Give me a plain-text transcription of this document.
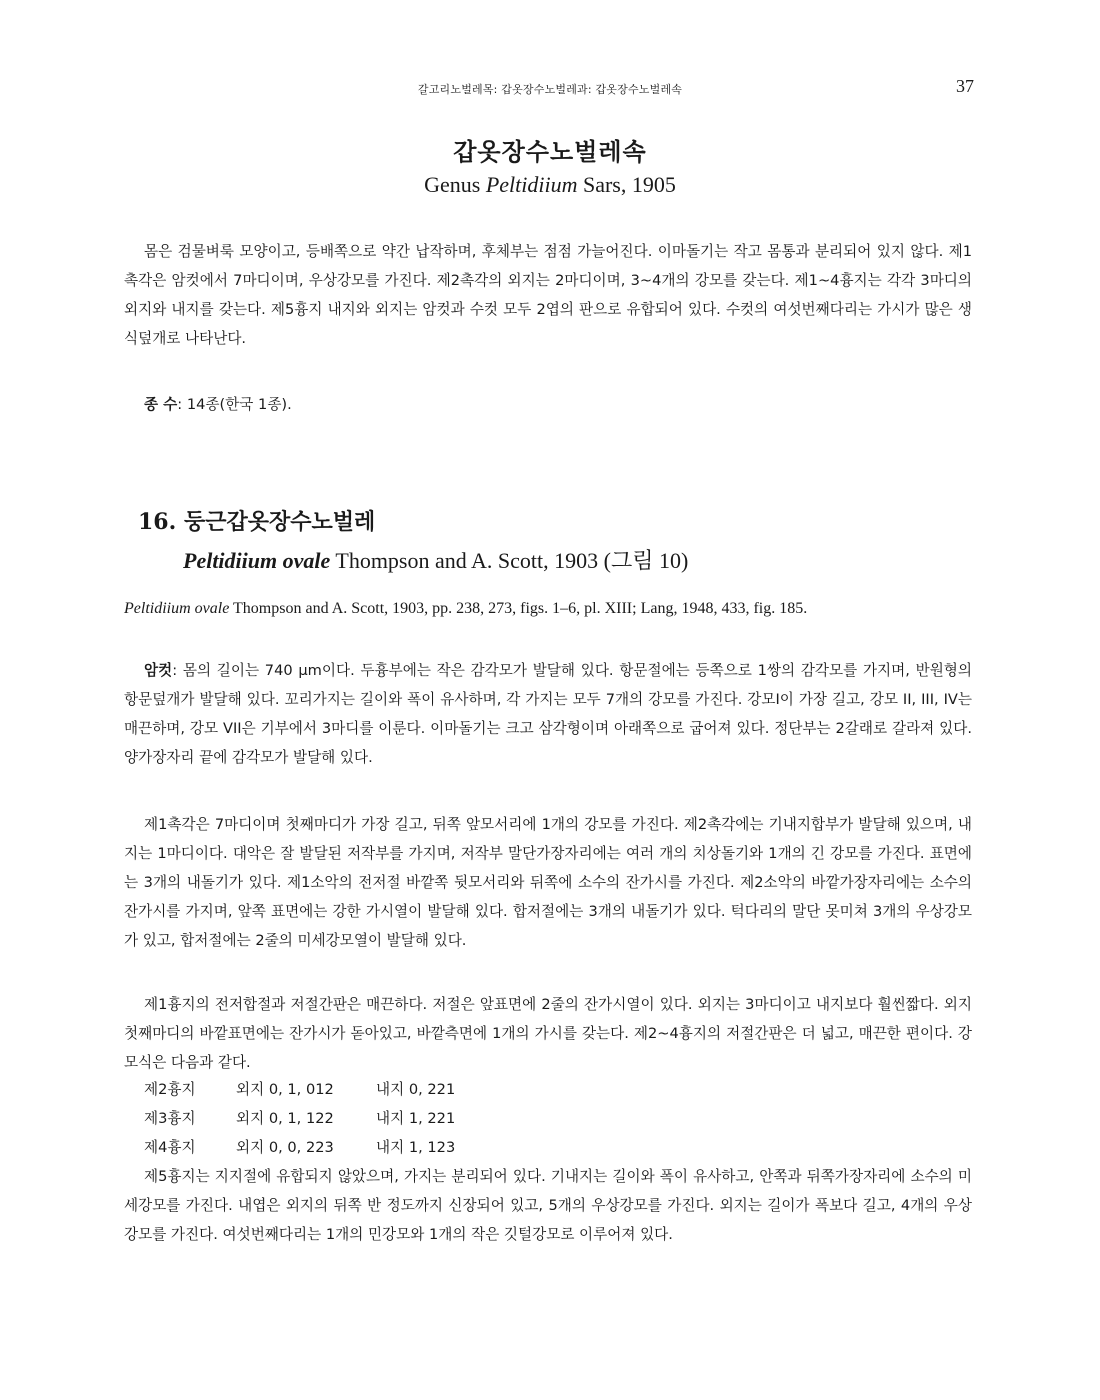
갈고리노벌레목: 갑옷장수노벌레과: 갑옷장수노벌레속	37
갑옷장수노벌레속
Genus Peltidiium Sars, 1905

몸은 검물벼룩 모양이고, 등배쪽으로 약간 납작하며, 후체부는 점점 가늘어진다. 이마돌기는 작고 몸통과 분리되어 있지 않다. 제1촉각은 암컷에서 7마디이며, 우상강모를 가진다. 제2촉각의 외지는 2마디이며, 3~4개의 강모를 갖는다. 제1~4흉지는 각각 3마디의 외지와 내지를 갖는다. 제5흉지 내지와 외지는 암컷과 수컷 모두 2엽의 판으로 유합되어 있다. 수컷의 여섯번째다리는 가시가 많은 생식덮개로 나타난다.

종 수: 14종(한국 1종).
16. 둥근갑옷장수노벌레
Peltidiium ovale Thompson and A. Scott, 1903 (그림 10)
Peltidiium ovale Thompson and A. Scott, 1903, pp. 238, 273, figs. 1–6, pl. XIII; Lang, 1948, 433, fig. 185.

암컷: 몸의 길이는 740 μm이다. 두흉부에는 작은 감각모가 발달해 있다. 항문절에는 등쪽으로 1쌍의 감각모를 가지며, 반원형의 항문덮개가 발달해 있다. 꼬리가지는 길이와 폭이 유사하며, 각 가지는 모두 7개의 강모를 가진다. 강모I이 가장 길고, 강모 II, III, IV는 매끈하며, 강모 VII은 기부에서 3마디를 이룬다. 이마돌기는 크고 삼각형이며 아래쪽으로 굽어져 있다. 정단부는 2갈래로 갈라져 있다. 양가장자리 끝에 감각모가 발달해 있다.

제1촉각은 7마디이며 첫째마디가 가장 길고, 뒤쪽 앞모서리에 1개의 강모를 가진다. 제2촉각에는 기내지합부가 발달해 있으며, 내지는 1마디이다. 대악은 잘 발달된 저작부를 가지며, 저작부 말단가장자리에는 여러 개의 치상돌기와 1개의 긴 강모를 가진다. 표면에는 3개의 내돌기가 있다. 제1소악의 전저절 바깥쪽 뒷모서리와 뒤쪽에 소수의 잔가시를 가진다. 제2소악의 바깥가장자리에는 소수의 잔가시를 가지며, 앞쪽 표면에는 강한 가시열이 발달해 있다. 합저절에는 3개의 내돌기가 있다. 턱다리의 말단 못미쳐 3개의 우상강모가 있고, 합저절에는 2줄의 미세강모열이 발달해 있다.

제1흉지의 전저합절과 저절간판은 매끈하다. 저절은 앞표면에 2줄의 잔가시열이 있다. 외지는 3마디이고 내지보다 훨씬짧다. 외지 첫째마디의 바깥표면에는 잔가시가 돋아있고, 바깥측면에 1개의 가시를 갖는다. 제2~4흉지의 저절간판은 더 넓고, 매끈한 편이다. 강모식은 다음과 같다.

제2흉지	외지 0, 1, 012	내지 0, 221
제3흉지	외지 0, 1, 122	내지 1, 221
제4흉지	외지 0, 0, 223	내지 1, 123

제5흉지는 지지절에 유합되지 않았으며, 가지는 분리되어 있다. 기내지는 길이와 폭이 유사하고, 안쪽과 뒤쪽가장자리에 소수의 미세강모를 가진다. 내엽은 외지의 뒤쪽 반 정도까지 신장되어 있고, 5개의 우상강모를 가진다. 외지는 길이가 폭보다 길고, 4개의 우상강모를 가진다. 여섯번째다리는 1개의 민강모와 1개의 작은 깃털강모로 이루어져 있다.
